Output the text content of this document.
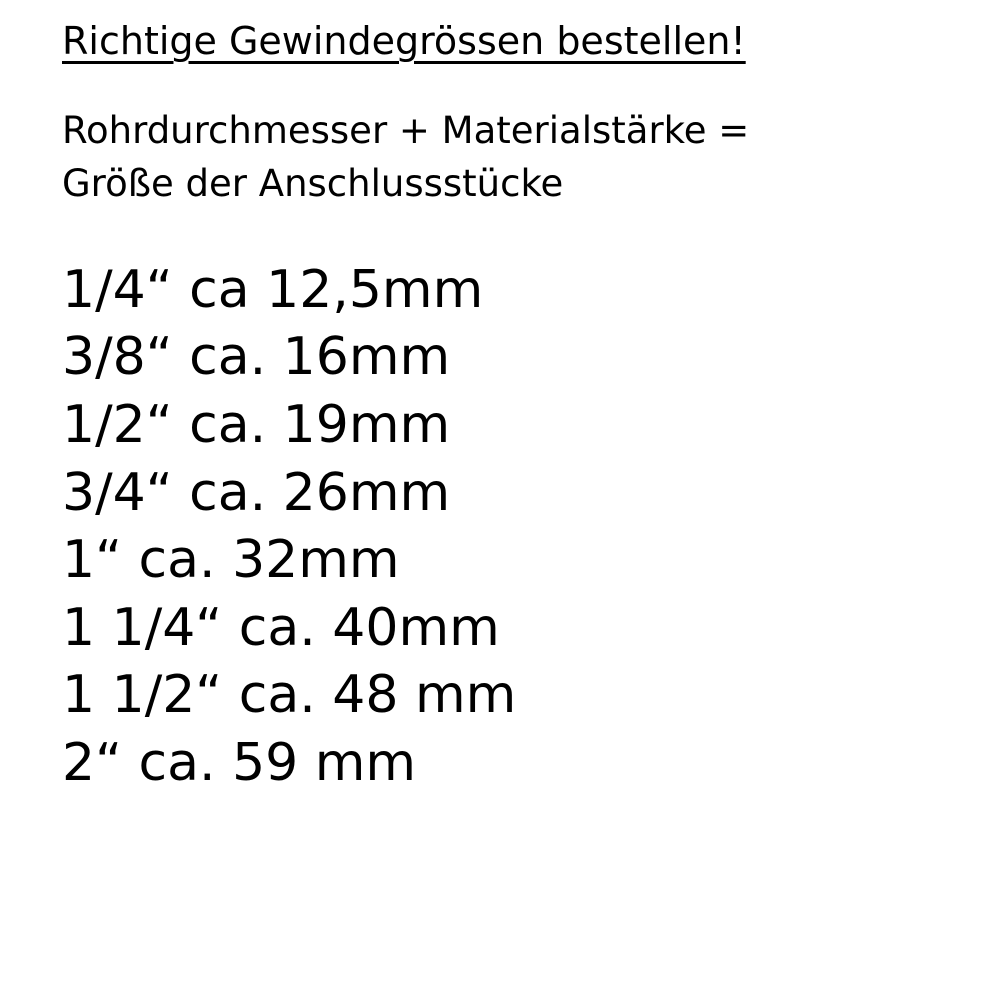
Richtige Gewindegrössen bestellen!

Rohrdurchmesser + Materialstärke =
Größe der Anschlussstücke

1/4“ ca 12,5mm
3/8“ ca. 16mm
1/2“ ca. 19mm
3/4“ ca. 26mm
1“ ca. 32mm
1 1/4“ ca. 40mm
1 1/2“ ca. 48 mm
2“ ca. 59 mm
